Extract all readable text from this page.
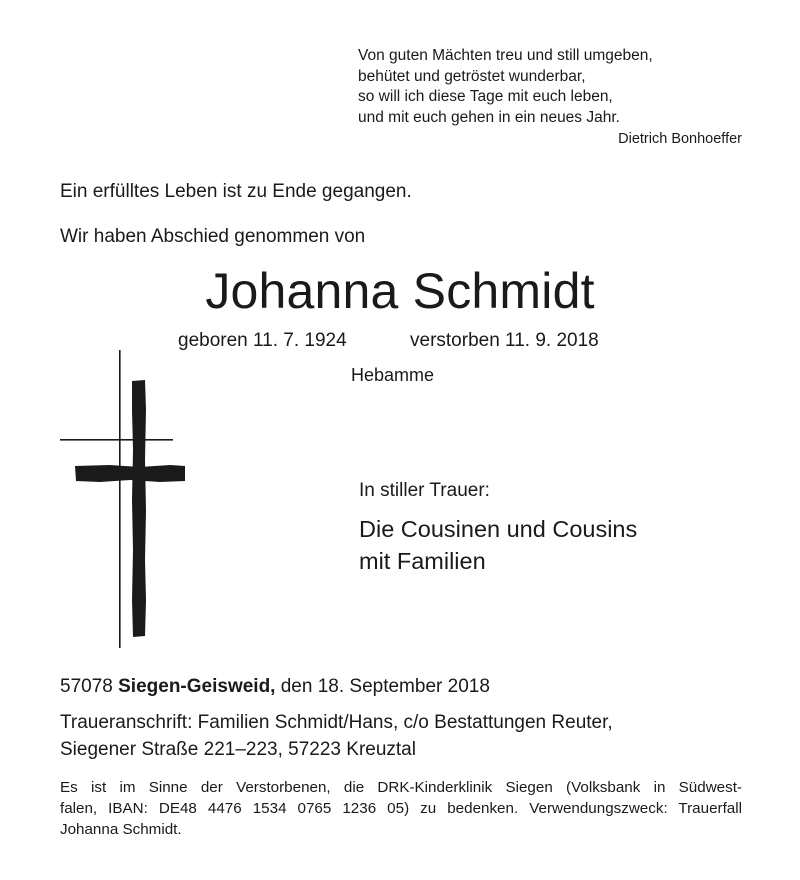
Von guten Mächten treu und still umgeben,
behütet und getröstet wunderbar,
so will ich diese Tage mit euch leben,
und mit euch gehen in ein neues Jahr.
Dietrich Bonhoeffer
Ein erfülltes Leben ist zu Ende gegangen.
Wir haben Abschied genommen von
Johanna Schmidt
geboren 11. 7. 1924	verstorben 11. 9. 2018
Hebamme
In stiller Trauer:
Die Cousinen und Cousins
mit Familien
57078 Siegen-Geisweid, den 18. September 2018
Traueranschrift: Familien Schmidt/Hans, c/o Bestattungen Reuter,
Siegener Straße 221–223, 57223 Kreuztal
Es ist im Sinne der Verstorbenen, die DRK-Kinderklinik Siegen (Volksbank in Südwest-
falen, IBAN: DE48 4476 1534 0765 1236 05) zu bedenken. Verwendungszweck: Trauerfall
Johanna Schmidt.
